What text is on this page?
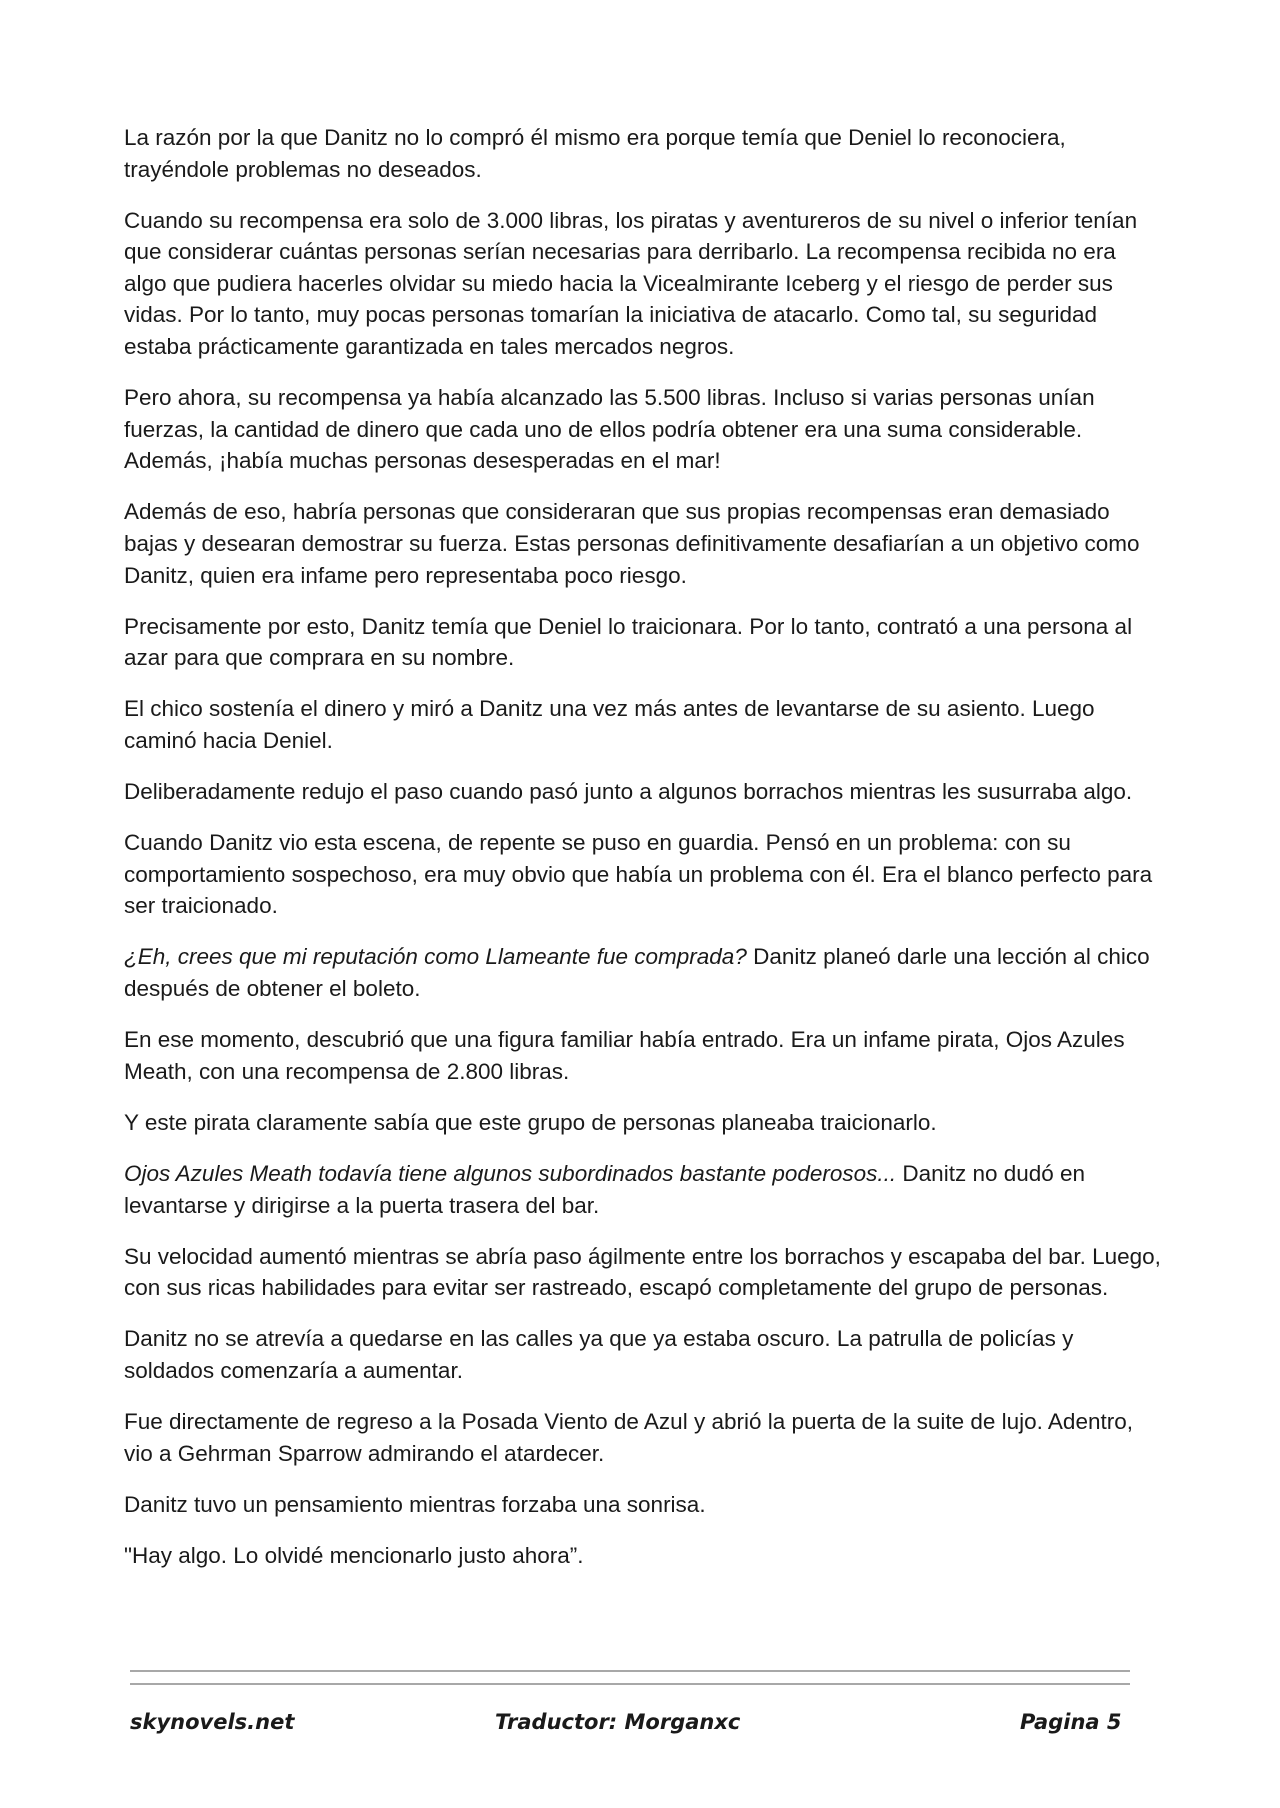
La razón por la que Danitz no lo compró él mismo era porque temía que Deniel lo reconociera, trayéndole problemas no deseados.

Cuando su recompensa era solo de 3.000 libras, los piratas y aventureros de su nivel o inferior tenían que considerar cuántas personas serían necesarias para derribarlo. La recompensa recibida no era algo que pudiera hacerles olvidar su miedo hacia la Vicealmirante Iceberg y el riesgo de perder sus vidas. Por lo tanto, muy pocas personas tomarían la iniciativa de atacarlo. Como tal, su seguridad estaba prácticamente garantizada en tales mercados negros.

Pero ahora, su recompensa ya había alcanzado las 5.500 libras. Incluso si varias personas unían fuerzas, la cantidad de dinero que cada uno de ellos podría obtener era una suma considerable. Además, ¡había muchas personas desesperadas en el mar!

Además de eso, habría personas que consideraran que sus propias recompensas eran demasiado bajas y desearan demostrar su fuerza. Estas personas definitivamente desafiarían a un objetivo como Danitz, quien era infame pero representaba poco riesgo.

Precisamente por esto, Danitz temía que Deniel lo traicionara. Por lo tanto, contrató a una persona al azar para que comprara en su nombre.

El chico sostenía el dinero y miró a Danitz una vez más antes de levantarse de su asiento. Luego caminó hacia Deniel.

Deliberadamente redujo el paso cuando pasó junto a algunos borrachos mientras les susurraba algo.

Cuando Danitz vio esta escena, de repente se puso en guardia. Pensó en un problema: con su comportamiento sospechoso, era muy obvio que había un problema con él. Era el blanco perfecto para ser traicionado.

¿Eh, crees que mi reputación como Llameante fue comprada? Danitz planeó darle una lección al chico después de obtener el boleto.

En ese momento, descubrió que una figura familiar había entrado. Era un infame pirata, Ojos Azules Meath, con una recompensa de 2.800 libras.

Y este pirata claramente sabía que este grupo de personas planeaba traicionarlo.

Ojos Azules Meath todavía tiene algunos subordinados bastante poderosos... Danitz no dudó en levantarse y dirigirse a la puerta trasera del bar.

Su velocidad aumentó mientras se abría paso ágilmente entre los borrachos y escapaba del bar. Luego, con sus ricas habilidades para evitar ser rastreado, escapó completamente del grupo de personas.

Danitz no se atrevía a quedarse en las calles ya que ya estaba oscuro. La patrulla de policías y soldados comenzaría a aumentar.

Fue directamente de regreso a la Posada Viento de Azul y abrió la puerta de la suite de lujo. Adentro, vio a Gehrman Sparrow admirando el atardecer.

Danitz tuvo un pensamiento mientras forzaba una sonrisa.

"Hay algo. Lo olvidé mencionarlo justo ahora”.

skynovels.net	Traductor: Morganxc	Pagina 5
